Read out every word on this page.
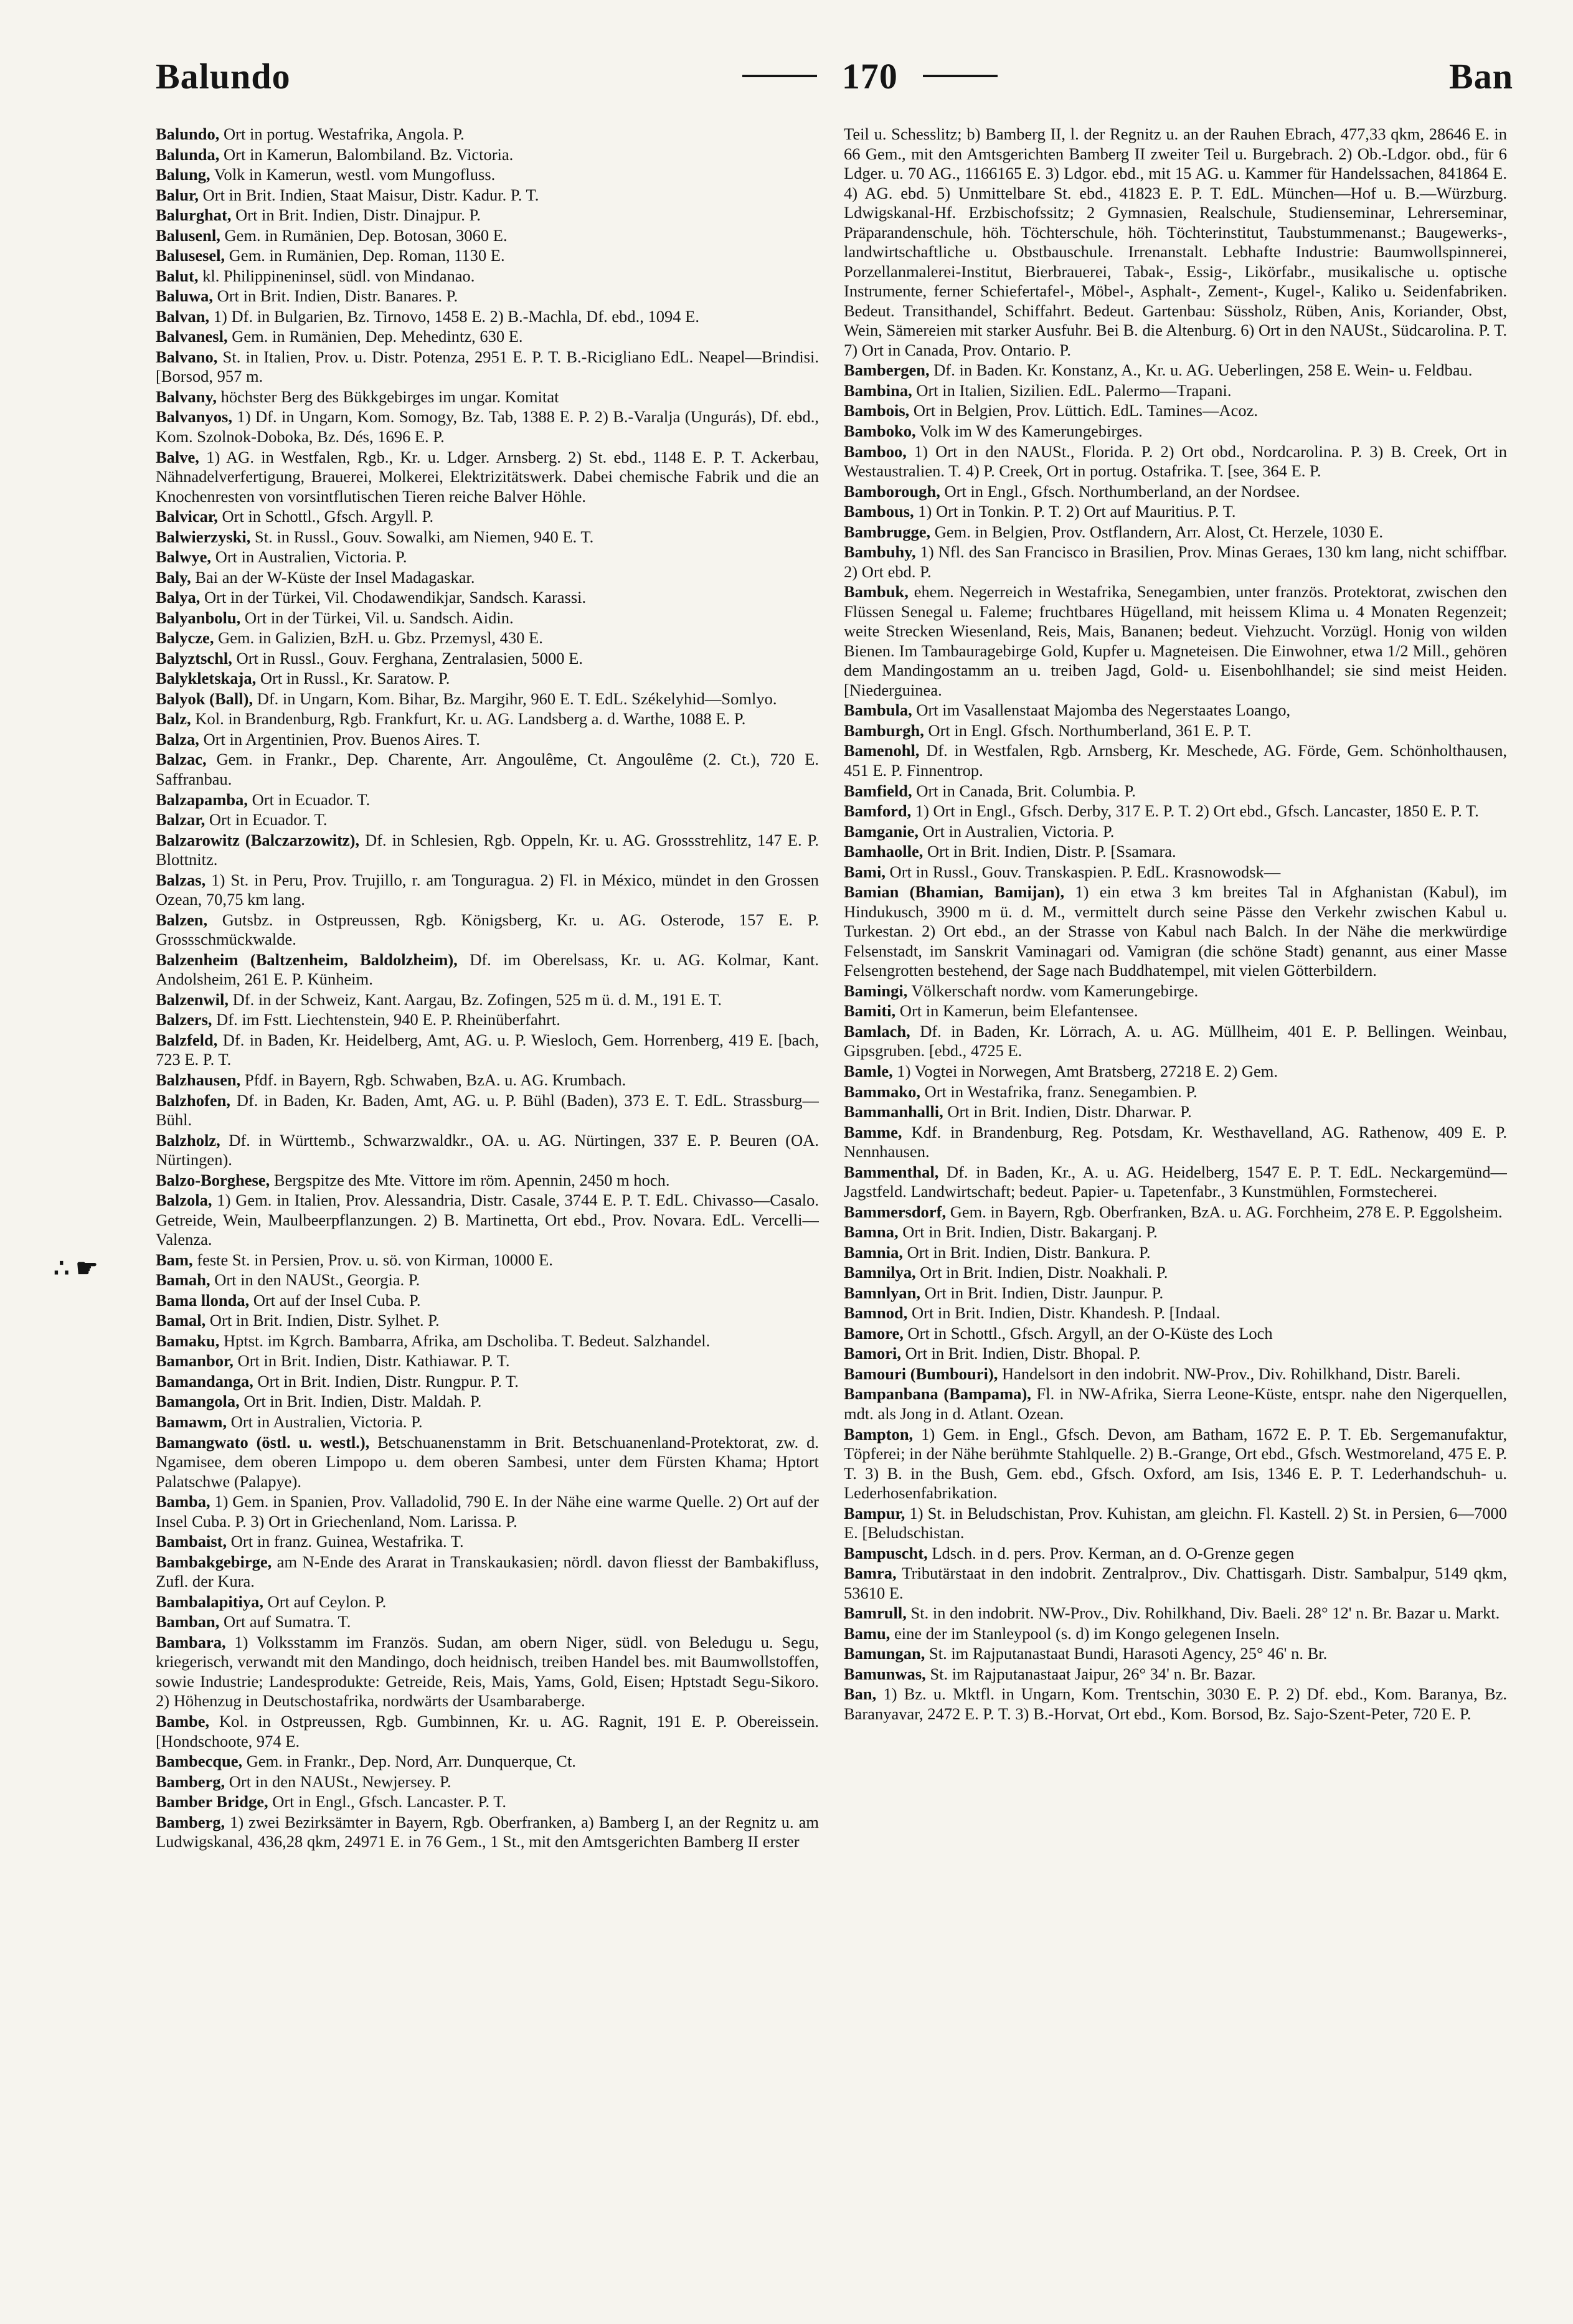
Balundo	170	Ban
∴ ☛

Balundo, Ort in portug. Westafrika, Angola. P.

Balunda, Ort in Kamerun, Balombiland. Bz. Victoria.

Balung, Volk in Kamerun, westl. vom Mungofluss.

Balur, Ort in Brit. Indien, Staat Maisur, Distr. Kadur. P. T.

Balurghat, Ort in Brit. Indien, Distr. Dinajpur. P.

Balusenl, Gem. in Rumänien, Dep. Botosan, 3060 E.

Balusesel, Gem. in Rumänien, Dep. Roman, 1130 E.

Balut, kl. Philippineninsel, südl. von Mindanao.

Baluwa, Ort in Brit. Indien, Distr. Banares. P.

Balvan, 1) Df. in Bulgarien, Bz. Tirnovo, 1458 E. 2) B.-Machla, Df. ebd., 1094 E.

Balvanesl, Gem. in Rumänien, Dep. Mehedintz, 630 E.

Balvano, St. in Italien, Prov. u. Distr. Potenza, 2951 E. P. T. B.-Ricigliano EdL. Neapel—Brindisi. [Borsod, 957 m.

Balvany, höchster Berg des Bükkgebirges im ungar. Komitat

Balvanyos, 1) Df. in Ungarn, Kom. Somogy, Bz. Tab, 1388 E. P. 2) B.-Varalja (Ungurás), Df. ebd., Kom. Szolnok-Doboka, Bz. Dés, 1696 E. P.

Balve, 1) AG. in Westfalen, Rgb., Kr. u. Ldger. Arnsberg. 2) St. ebd., 1148 E. P. T. Ackerbau, Nähnadelverfertigung, Brauerei, Molkerei, Elektrizitätswerk. Dabei chemische Fabrik und die an Knochenresten von vorsintflutischen Tieren reiche Balver Höhle.

Balvicar, Ort in Schottl., Gfsch. Argyll. P.

Balwierzyski, St. in Russl., Gouv. Sowalki, am Niemen, 940 E. T.

Balwye, Ort in Australien, Victoria. P.

Baly, Bai an der W-Küste der Insel Madagaskar.

Balya, Ort in der Türkei, Vil. Chodawendikjar, Sandsch. Karassi.

Balyanbolu, Ort in der Türkei, Vil. u. Sandsch. Aidin.

Balycze, Gem. in Galizien, BzH. u. Gbz. Przemysl, 430 E.

Balyztschl, Ort in Russl., Gouv. Ferghana, Zentralasien, 5000 E.

Balykletskaja, Ort in Russl., Kr. Saratow. P.

Balyok (Ball), Df. in Ungarn, Kom. Bihar, Bz. Margihr, 960 E. T. EdL. Székelyhid—Somlyo.

Balz, Kol. in Brandenburg, Rgb. Frankfurt, Kr. u. AG. Landsberg a. d. Warthe, 1088 E. P.

Balza, Ort in Argentinien, Prov. Buenos Aires. T.

Balzac, Gem. in Frankr., Dep. Charente, Arr. Angoulême, Ct. Angoulême (2. Ct.), 720 E. Saffranbau.

Balzapamba, Ort in Ecuador. T.

Balzar, Ort in Ecuador. T.

Balzarowitz (Balczarzowitz), Df. in Schlesien, Rgb. Oppeln, Kr. u. AG. Grossstrehlitz, 147 E. P. Blottnitz.

Balzas, 1) St. in Peru, Prov. Trujillo, r. am Tonguragua. 2) Fl. in México, mündet in den Grossen Ozean, 70,75 km lang.

Balzen, Gutsbz. in Ostpreussen, Rgb. Königsberg, Kr. u. AG. Osterode, 157 E. P. Grossschmückwalde.

Balzenheim (Baltzenheim, Baldolzheim), Df. im Oberelsass, Kr. u. AG. Kolmar, Kant. Andolsheim, 261 E. P. Künheim.

Balzenwil, Df. in der Schweiz, Kant. Aargau, Bz. Zofingen, 525 m ü. d. M., 191 E. T.

Balzers, Df. im Fstt. Liechtenstein, 940 E. P. Rheinüberfahrt.

Balzfeld, Df. in Baden, Kr. Heidelberg, Amt, AG. u. P. Wiesloch, Gem. Horrenberg, 419 E. [bach, 723 E. P. T.

Balzhausen, Pfdf. in Bayern, Rgb. Schwaben, BzA. u. AG. Krumbach.

Balzhofen, Df. in Baden, Kr. Baden, Amt, AG. u. P. Bühl (Baden), 373 E. T. EdL. Strassburg—Bühl.

Balzholz, Df. in Württemb., Schwarzwaldkr., OA. u. AG. Nürtingen, 337 E. P. Beuren (OA. Nürtingen).

Balzo-Borghese, Bergspitze des Mte. Vittore im röm. Apennin, 2450 m hoch.

Balzola, 1) Gem. in Italien, Prov. Alessandria, Distr. Casale, 3744 E. P. T. EdL. Chivasso—Casalo. Getreide, Wein, Maulbeerpflanzungen. 2) B. Martinetta, Ort ebd., Prov. Novara. EdL. Vercelli—Valenza.

Bam, feste St. in Persien, Prov. u. sö. von Kirman, 10000 E.

Bamah, Ort in den NAUSt., Georgia. P.

Bama llonda, Ort auf der Insel Cuba. P.

Bamal, Ort in Brit. Indien, Distr. Sylhet. P.

Bamaku, Hptst. im Kgrch. Bambarra, Afrika, am Dscholiba. T. Bedeut. Salzhandel.

Bamanbor, Ort in Brit. Indien, Distr. Kathiawar. P. T.

Bamandanga, Ort in Brit. Indien, Distr. Rungpur. P. T.

Bamangola, Ort in Brit. Indien, Distr. Maldah. P.

Bamawm, Ort in Australien, Victoria. P.

Bamangwato (östl. u. westl.), Betschuanenstamm in Brit. Betschuanenland-Protektorat, zw. d. Ngamisee, dem oberen Limpopo u. dem oberen Sambesi, unter dem Fürsten Khama; Hptort Palatschwe (Palapye).

Bamba, 1) Gem. in Spanien, Prov. Valladolid, 790 E. In der Nähe eine warme Quelle. 2) Ort auf der Insel Cuba. P. 3) Ort in Griechenland, Nom. Larissa. P.

Bambaist, Ort in franz. Guinea, Westafrika. T.

Bambakgebirge, am N-Ende des Ararat in Transkaukasien; nördl. davon fliesst der Bambakifluss, Zufl. der Kura.

Bambalapitiya, Ort auf Ceylon. P.

Bamban, Ort auf Sumatra. T.

Bambara, 1) Volksstamm im Französ. Sudan, am obern Niger, südl. von Beledugu u. Segu, kriegerisch, verwandt mit den Mandingo, doch heidnisch, treiben Handel bes. mit Baumwollstoffen, sowie Industrie; Landesprodukte: Getreide, Reis, Mais, Yams, Gold, Eisen; Hptstadt Segu-Sikoro. 2) Höhenzug in Deutschostafrika, nordwärts der Usambaraberge.

Bambe, Kol. in Ostpreussen, Rgb. Gumbinnen, Kr. u. AG. Ragnit, 191 E. P. Obereissein. [Hondschoote, 974 E.

Bambecque, Gem. in Frankr., Dep. Nord, Arr. Dunquerque, Ct.

Bamberg, Ort in den NAUSt., Newjersey. P.

Bamber Bridge, Ort in Engl., Gfsch. Lancaster. P. T.

Bamberg, 1) zwei Bezirksämter in Bayern, Rgb. Oberfranken, a) Bamberg I, an der Regnitz u. am Ludwigskanal, 436,28 qkm, 24971 E. in 76 Gem., 1 St., mit den Amtsgerichten Bamberg II erster

Teil u. Schesslitz; b) Bamberg II, l. der Regnitz u. an der Rauhen Ebrach, 477,33 qkm, 28646 E. in 66 Gem., mit den Amtsgerichten Bamberg II zweiter Teil u. Burgebrach. 2) Ob.-Ldgor. obd., für 6 Ldger. u. 70 AG., 1166165 E. 3) Ldgor. ebd., mit 15 AG. u. Kammer für Handelssachen, 841864 E. 4) AG. ebd. 5) Unmittelbare St. ebd., 41823 E. P. T. EdL. München—Hof u. B.—Würzburg. Ldwigskanal-Hf. Erzbischofssitz; 2 Gymnasien, Realschule, Studienseminar, Lehrerseminar, Präparandenschule, höh. Töchterschule, höh. Töchterinstitut, Taubstummenanst.; Baugewerks-, landwirtschaftliche u. Obstbauschule. Irrenanstalt. Lebhafte Industrie: Baumwollspinnerei, Porzellanmalerei-Institut, Bierbrauerei, Tabak-, Essig-, Likörfabr., musikalische u. optische Instrumente, ferner Schiefertafel-, Möbel-, Asphalt-, Zement-, Kugel-, Kaliko u. Seidenfabriken. Bedeut. Transithandel, Schiffahrt. Bedeut. Gartenbau: Süssholz, Rüben, Anis, Koriander, Obst, Wein, Sämereien mit starker Ausfuhr. Bei B. die Altenburg. 6) Ort in den NAUSt., Südcarolina. P. T. 7) Ort in Canada, Prov. Ontario. P.

Bambergen, Df. in Baden. Kr. Konstanz, A., Kr. u. AG. Ueberlingen, 258 E. Wein- u. Feldbau.

Bambina, Ort in Italien, Sizilien. EdL. Palermo—Trapani.

Bambois, Ort in Belgien, Prov. Lüttich. EdL. Tamines—Acoz.

Bamboko, Volk im W des Kamerungebirges.

Bamboo, 1) Ort in den NAUSt., Florida. P. 2) Ort obd., Nordcarolina. P. 3) B. Creek, Ort in Westaustralien. T. 4) P. Creek, Ort in portug. Ostafrika. T. [see, 364 E. P.

Bamborough, Ort in Engl., Gfsch. Northumberland, an der Nordsee.

Bambous, 1) Ort in Tonkin. P. T. 2) Ort auf Mauritius. P. T.

Bambrugge, Gem. in Belgien, Prov. Ostflandern, Arr. Alost, Ct. Herzele, 1030 E.

Bambuhy, 1) Nfl. des San Francisco in Brasilien, Prov. Minas Geraes, 130 km lang, nicht schiffbar. 2) Ort ebd. P.

Bambuk, ehem. Negerreich in Westafrika, Senegambien, unter französ. Protektorat, zwischen den Flüssen Senegal u. Faleme; fruchtbares Hügelland, mit heissem Klima u. 4 Monaten Regenzeit; weite Strecken Wiesenland, Reis, Mais, Bananen; bedeut. Viehzucht. Vorzügl. Honig von wilden Bienen. Im Tambauragebirge Gold, Kupfer u. Magneteisen. Die Einwohner, etwa 1/2 Mill., gehören dem Mandingostamm an u. treiben Jagd, Gold- u. Eisenbohlhandel; sie sind meist Heiden. [Niederguinea.

Bambula, Ort im Vasallenstaat Majomba des Negerstaates Loango,

Bamburgh, Ort in Engl. Gfsch. Northumberland, 361 E. P. T.

Bamenohl, Df. in Westfalen, Rgb. Arnsberg, Kr. Meschede, AG. Förde, Gem. Schönholthausen, 451 E. P. Finnentrop.

Bamfield, Ort in Canada, Brit. Columbia. P.

Bamford, 1) Ort in Engl., Gfsch. Derby, 317 E. P. T. 2) Ort ebd., Gfsch. Lancaster, 1850 E. P. T.

Bamganie, Ort in Australien, Victoria. P.

Bamhaolle, Ort in Brit. Indien, Distr. P. [Ssamara.

Bami, Ort in Russl., Gouv. Transkaspien. P. EdL. Krasnowodsk—

Bamian (Bhamian, Bamijan), 1) ein etwa 3 km breites Tal in Afghanistan (Kabul), im Hindukusch, 3900 m ü. d. M., vermittelt durch seine Pässe den Verkehr zwischen Kabul u. Turkestan. 2) Ort ebd., an der Strasse von Kabul nach Balch. In der Nähe die merkwürdige Felsenstadt, im Sanskrit Vaminagari od. Vamigran (die schöne Stadt) genannt, aus einer Masse Felsengrotten bestehend, der Sage nach Buddhatempel, mit vielen Götterbildern.

Bamingi, Völkerschaft nordw. vom Kamerungebirge.

Bamiti, Ort in Kamerun, beim Elefantensee.

Bamlach, Df. in Baden, Kr. Lörrach, A. u. AG. Müllheim, 401 E. P. Bellingen. Weinbau, Gipsgruben. [ebd., 4725 E.

Bamle, 1) Vogtei in Norwegen, Amt Bratsberg, 27218 E. 2) Gem.

Bammako, Ort in Westafrika, franz. Senegambien. P.

Bammanhalli, Ort in Brit. Indien, Distr. Dharwar. P.

Bamme, Kdf. in Brandenburg, Reg. Potsdam, Kr. Westhavelland, AG. Rathenow, 409 E. P. Nennhausen.

Bammenthal, Df. in Baden, Kr., A. u. AG. Heidelberg, 1547 E. P. T. EdL. Neckargemünd—Jagstfeld. Landwirtschaft; bedeut. Papier- u. Tapetenfabr., 3 Kunstmühlen, Formstecherei.

Bammersdorf, Gem. in Bayern, Rgb. Oberfranken, BzA. u. AG. Forchheim, 278 E. P. Eggolsheim.

Bamna, Ort in Brit. Indien, Distr. Bakarganj. P.

Bamnia, Ort in Brit. Indien, Distr. Bankura. P.

Bamnilya, Ort in Brit. Indien, Distr. Noakhali. P.

Bamnlyan, Ort in Brit. Indien, Distr. Jaunpur. P.

Bamnod, Ort in Brit. Indien, Distr. Khandesh. P. [Indaal.

Bamore, Ort in Schottl., Gfsch. Argyll, an der O-Küste des Loch

Bamori, Ort in Brit. Indien, Distr. Bhopal. P.

Bamouri (Bumbouri), Handelsort in den indobrit. NW-Prov., Div. Rohilkhand, Distr. Bareli.

Bampanbana (Bampama), Fl. in NW-Afrika, Sierra Leone-Küste, entspr. nahe den Nigerquellen, mdt. als Jong in d. Atlant. Ozean.

Bampton, 1) Gem. in Engl., Gfsch. Devon, am Batham, 1672 E. P. T. Eb. Sergemanufaktur, Töpferei; in der Nähe berühmte Stahlquelle. 2) B.-Grange, Ort ebd., Gfsch. Westmoreland, 475 E. P. T. 3) B. in the Bush, Gem. ebd., Gfsch. Oxford, am Isis, 1346 E. P. T. Lederhandschuh- u. Lederhosenfabrikation.

Bampur, 1) St. in Beludschistan, Prov. Kuhistan, am gleichn. Fl. Kastell. 2) St. in Persien, 6—7000 E. [Beludschistan.

Bampuscht, Ldsch. in d. pers. Prov. Kerman, an d. O-Grenze gegen

Bamra, Tributärstaat in den indobrit. Zentralprov., Div. Chattisgarh. Distr. Sambalpur, 5149 qkm, 53610 E.

Bamrull, St. in den indobrit. NW-Prov., Div. Rohilkhand, Div. Baeli. 28° 12' n. Br. Bazar u. Markt.

Bamu, eine der im Stanleypool (s. d) im Kongo gelegenen Inseln.

Bamungan, St. im Rajputanastaat Bundi, Harasoti Agency, 25° 46' n. Br.

Bamunwas, St. im Rajputanastaat Jaipur, 26° 34' n. Br. Bazar.

Ban, 1) Bz. u. Mktfl. in Ungarn, Kom. Trentschin, 3030 E. P. 2) Df. ebd., Kom. Baranya, Bz. Baranyavar, 2472 E. P. T. 3) B.-Horvat, Ort ebd., Kom. Borsod, Bz. Sajo-Szent-Peter, 720 E. P.
